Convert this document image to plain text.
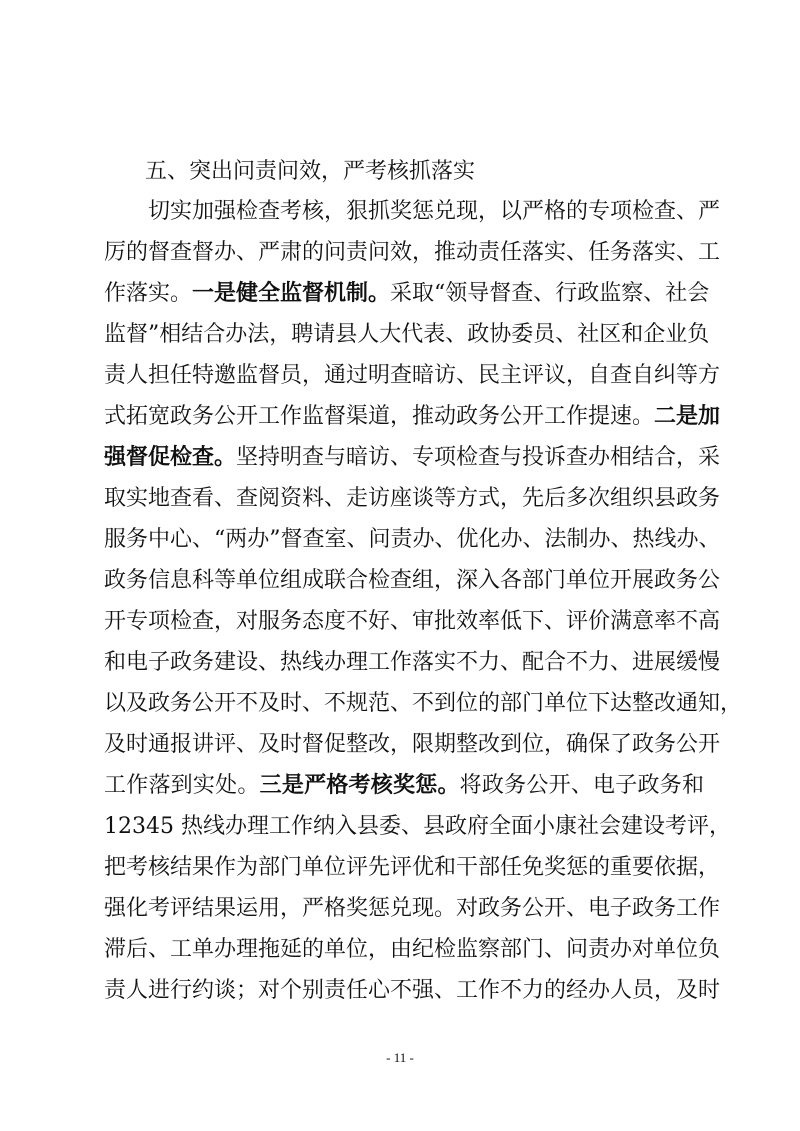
五、突出问责问效，严考核抓落实
切实加强检查考核，狠抓奖惩兑现，以严格的专项检查、严
厉的督查督办、严肃的问责问效，推动责任落实、任务落实、工
作落实。一是健全监督机制。采取“领导督查、行政监察、社会
监督”相结合办法，聘请县人大代表、政协委员、社区和企业负
责人担任特邀监督员，通过明查暗访、民主评议，自查自纠等方
式拓宽政务公开工作监督渠道，推动政务公开工作提速。二是加
强督促检查。坚持明查与暗访、专项检查与投诉查办相结合，采
取实地查看、查阅资料、走访座谈等方式，先后多次组织县政务
服务中心、“两办”督查室、问责办、优化办、法制办、热线办、
政务信息科等单位组成联合检查组，深入各部门单位开展政务公
开专项检查，对服务态度不好、审批效率低下、评价满意率不高
和电子政务建设、热线办理工作落实不力、配合不力、进展缓慢
以及政务公开不及时、不规范、不到位的部门单位下达整改通知，
及时通报讲评、及时督促整改，限期整改到位，确保了政务公开
工作落到实处。三是严格考核奖惩。将政务公开、电子政务和
12345 热线办理工作纳入县委、县政府全面小康社会建设考评，
把考核结果作为部门单位评先评优和干部任免奖惩的重要依据，
强化考评结果运用，严格奖惩兑现。对政务公开、电子政务工作
滞后、工单办理拖延的单位，由纪检监察部门、问责办对单位负
责人进行约谈；对个别责任心不强、工作不力的经办人员，及时
- 11 -
